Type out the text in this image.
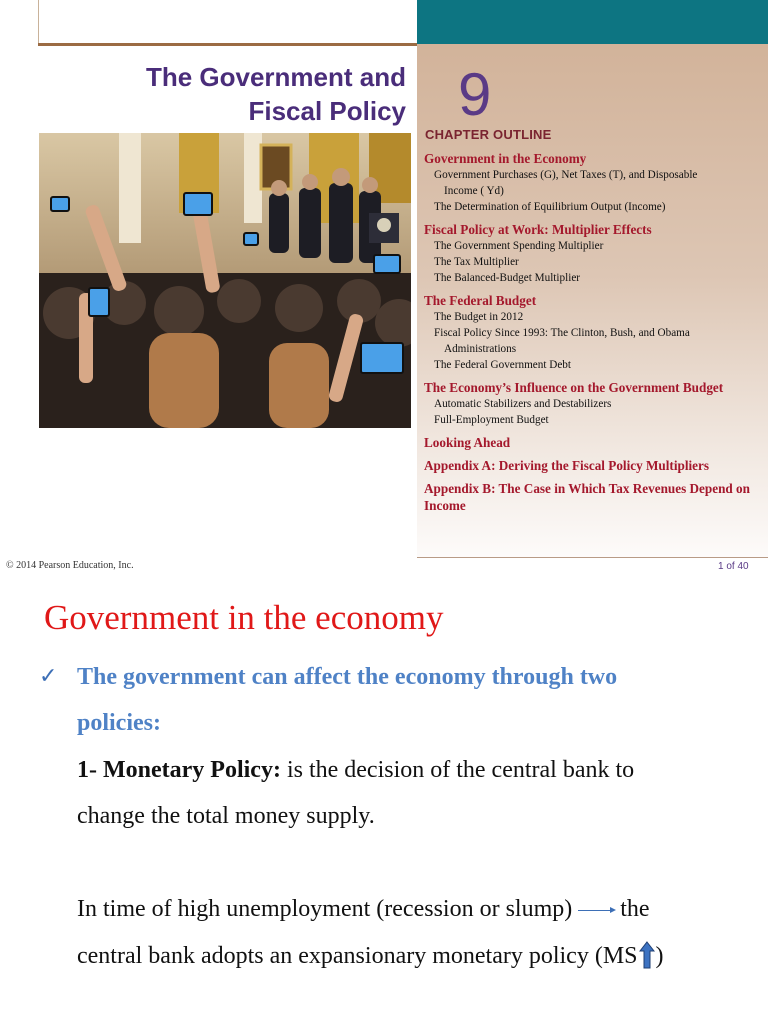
The Government and
Fiscal Policy 9
CHAPTER OUTLINE
Government in the Economy
Government Purchases (G), Net Taxes (T), and Disposable
Income ( Yd)
The Determination of Equilibrium Output (Income)
Fiscal Policy at Work: Multiplier Effects
The Government Spending Multiplier
The Tax Multiplier
The Balanced-Budget Multiplier
The Federal Budget
The Budget in 2012
Fiscal Policy Since 1993: The Clinton, Bush, and Obama
Administrations
The Federal Government Debt
The Economy’s Influence on the Government Budget
Automatic Stabilizers and Destabilizers
Full-Employment Budget
Looking Ahead
Appendix A: Deriving the Fiscal Policy Multipliers
Appendix B: The Case in Which Tax Revenues Depend on Income
© 2014 Pearson Education, Inc.	1 of 40
Government in the economy
✓ The government can affect the economy through two
policies:
1- Monetary Policy: is the decision of the central bank to
change the total money supply.
In time of high unemployment (recession or slump) the
central bank adopts an expansionary monetary policy (MS )
